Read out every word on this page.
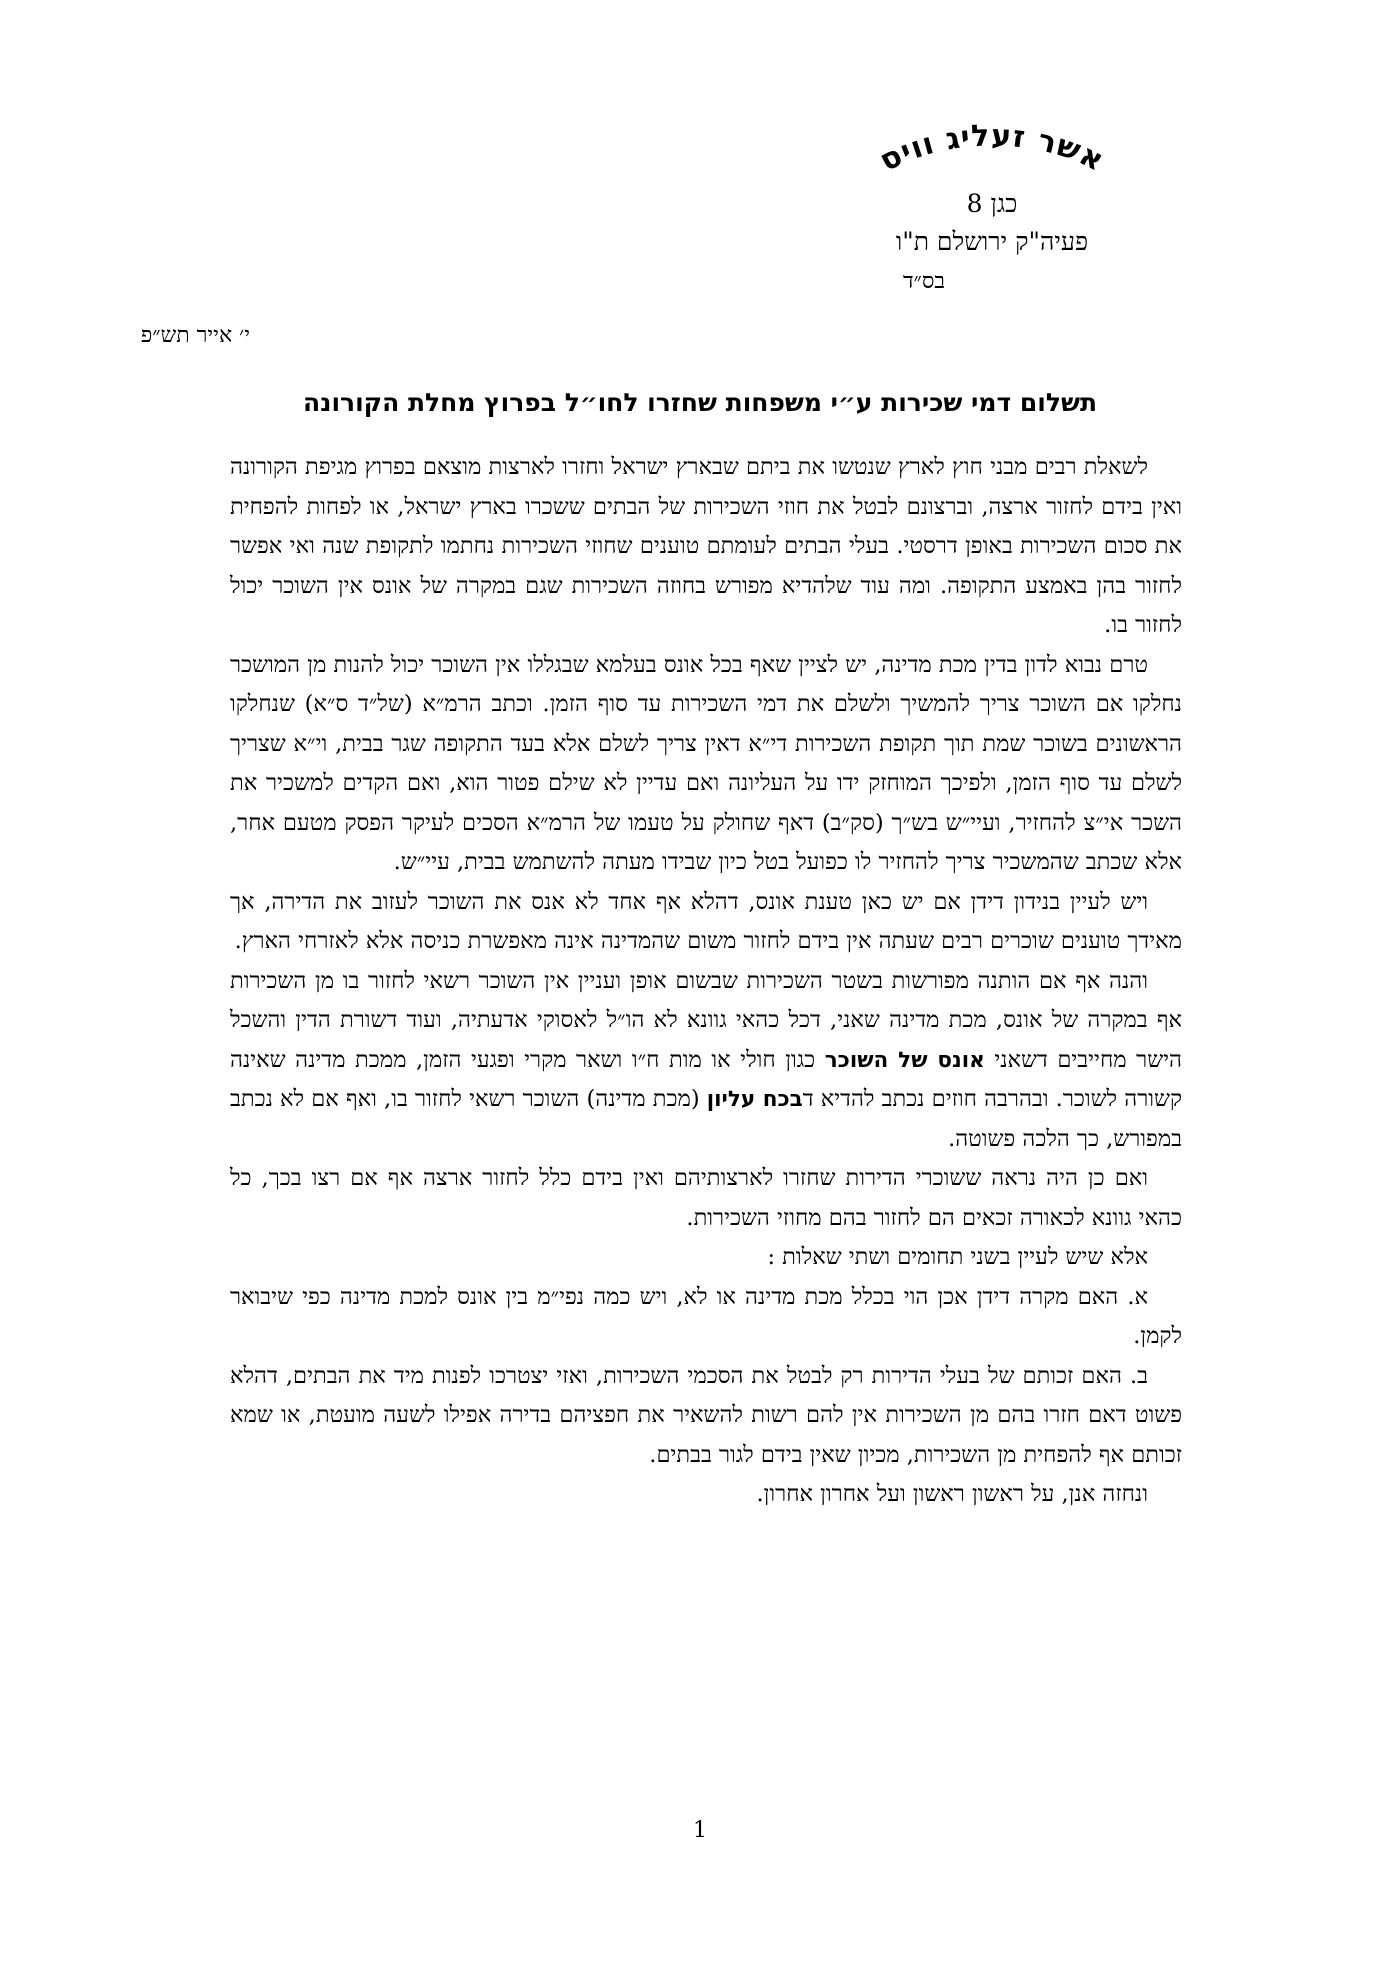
אשר זעליג וויס
כגן 8
פעיה"ק ירושלם ת"ו
בס״ד
י׳ אייר תש״פ
תשלום דמי שכירות ע״י משפחות שחזרו לחו״ל בפרוץ מחלת הקורונה

לשאלת רבים מבני חוץ לארץ שנטשו את ביתם שבארץ ישראל וחזרו לארצות מוצאם בפרוץ מגיפת הקורונה ואין בידם לחזור ארצה, וברצונם לבטל את חוזי השכירות של הבתים ששכרו בארץ ישראל, או לפחות להפחית את סכום השכירות באופן דרסטי. בעלי הבתים לעומתם טוענים שחוזי השכירות נחתמו לתקופת שנה ואי אפשר לחזור בהן באמצע התקופה. ומה עוד שלהדיא מפורש בחוזה השכירות שגם במקרה של אונס אין השוכר יכול לחזור בו.

טרם נבוא לדון בדין מכת מדינה, יש לציין שאף בכל אונס בעלמא שבגללו אין השוכר יכול להנות מן המושכר נחלקו אם השוכר צריך להמשיך ולשלם את דמי השכירות עד סוף הזמן. וכתב הרמ״א (של״ד ס״א) שנחלקו הראשונים בשוכר שמת תוך תקופת השכירות די״א דאין צריך לשלם אלא בעד התקופה שגר בבית, וי״א שצריך לשלם עד סוף הזמן, ולפיכך המוחזק ידו על העליונה ואם עדיין לא שילם פטור הוא, ואם הקדים למשכיר את השכר אי״צ להחזיר, ועיי״ש בש״ך (סק״ב) דאף שחולק על טעמו של הרמ״א הסכים לעיקר הפסק מטעם אחר, אלא שכתב שהמשכיר צריך להחזיר לו כפועל בטל כיון שבידו מעתה להשתמש בבית, עיי״ש.

ויש לעיין בנידון דידן אם יש כאן טענת אונס, דהלא אף אחד לא אנס את השוכר לעזוב את הדירה, אך מאידך טוענים שוכרים רבים שעתה אין בידם לחזור משום שהמדינה אינה מאפשרת כניסה אלא לאזרחי הארץ.

והנה אף אם הותנה מפורשות בשטר השכירות שבשום אופן ועניין אין השוכר רשאי לחזור בו מן השכירות אף במקרה של אונס, מכת מדינה שאני, דכל כהאי גוונא לא הו״ל לאסוקי אדעתיה, ועוד דשורת הדין והשכל הישר מחייבים דשאני אונס של השוכר כגון חולי או מות ח״ו ושאר מקרי ופגעי הזמן, ממכת מדינה שאינה קשורה לשוכר. ובהרבה חוזים נכתב להדיא דבכח עליון (מכת מדינה) השוכר רשאי לחזור בו, ואף אם לא נכתב במפורש, כך הלכה פשוטה.

ואם כן היה נראה ששוכרי הדירות שחזרו לארצותיהם ואין בידם כלל לחזור ארצה אף אם רצו בכך, כל כהאי גוונא לכאורה זכאים הם לחזור בהם מחוזי השכירות.

אלא שיש לעיין בשני תחומים ושתי שאלות :

א. האם מקרה דידן אכן הוי בכלל מכת מדינה או לא, ויש כמה נפי״מ בין אונס למכת מדינה כפי שיבואר לקמן.

ב. האם זכותם של בעלי הדירות רק לבטל את הסכמי השכירות, ואזי יצטרכו לפנות מיד את הבתים, דהלא פשוט דאם חזרו בהם מן השכירות אין להם רשות להשאיר את חפציהם בדירה אפילו לשעה מועטת, או שמא זכותם אף להפחית מן השכירות, מכיון שאין בידם לגור בבתים.

ונחזה אנן, על ראשון ראשון ועל אחרון אחרון.

1
